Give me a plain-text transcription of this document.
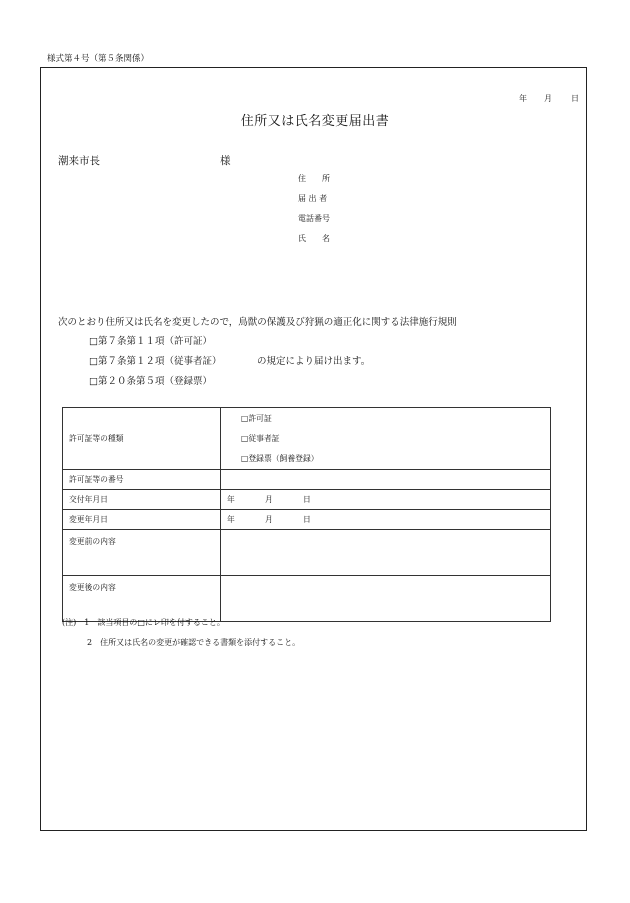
様式第４号（第５条関係）
年 月 日
住所又は氏名変更届出書
潮来市長	様
住　　所
届 出 者
電話番号
氏　　名
次のとおり住所又は氏名を変更したので，鳥獣の保護及び狩猟の適正化に関する法律施行規則
□第７条第１１項（許可証）
□第７条第１２項（従事者証）
□第２０条第５項（登録票）
の規定により届け出ます。
許可証等の種類	□許可証
□従事者証
□登録票（飼養登録）

許可証等の番号	
交付年月日	年 月 日
変更年月日	年 月 日
変更前の内容	
変更後の内容	
(注)　1　該当項目の□にレ印を付すること。
2　住所又は氏名の変更が確認できる書類を添付すること。
